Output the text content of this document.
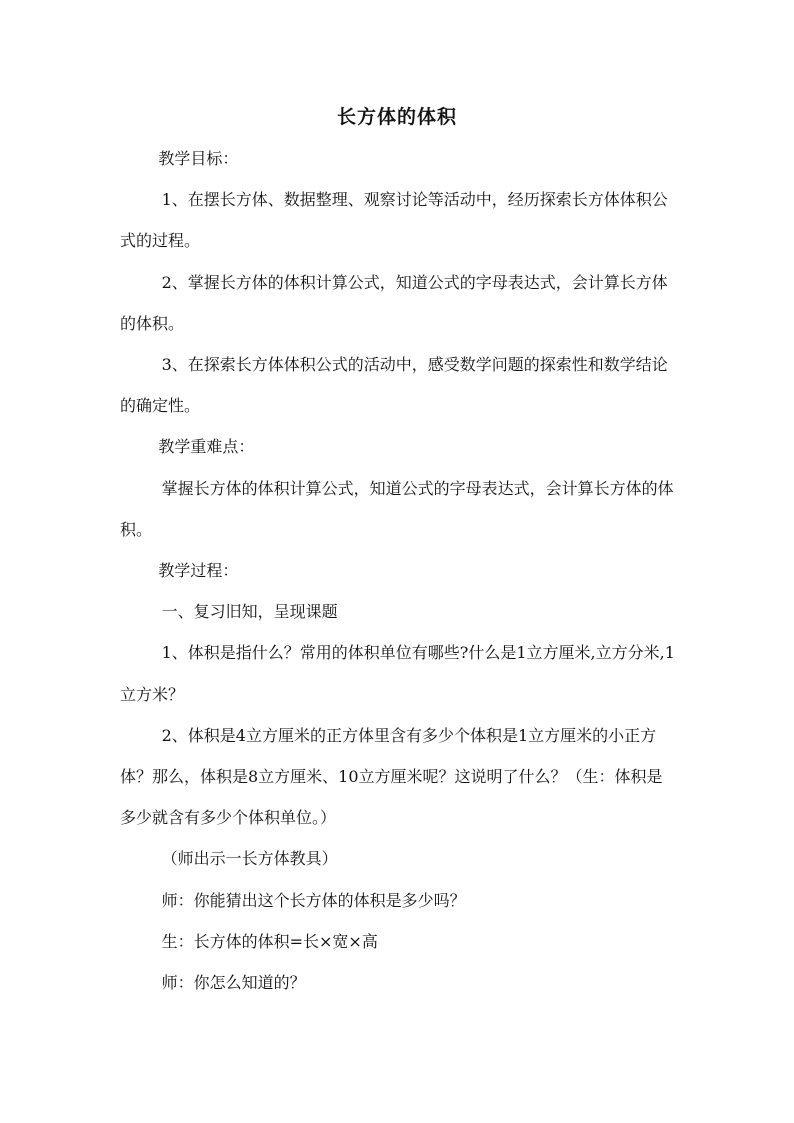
长方体的体积

教学目标：

1、在摆长方体、数据整理、观察讨论等活动中，经历探索长方体体积公式的过程。

2、掌握长方体的体积计算公式，知道公式的字母表达式，会计算长方体的体积。

3、在探索长方体体积公式的活动中，感受数学问题的探索性和数学结论的确定性。

教学重难点：

掌握长方体的体积计算公式，知道公式的字母表达式，会计算长方体的体积。

教学过程：

一、复习旧知，呈现课题

1、体积是指什么？常用的体积单位有哪些?什么是1立方厘米,立方分米,1立方米？

2、体积是4立方厘米的正方体里含有多少个体积是1立方厘米的小正方体？那么，体积是8立方厘米、10立方厘米呢？这说明了什么？（生：体积是多少就含有多少个体积单位。）

（师出示一长方体教具）

师：你能猜出这个长方体的体积是多少吗？

生：长方体的体积=长×宽×高

师：你怎么知道的？
